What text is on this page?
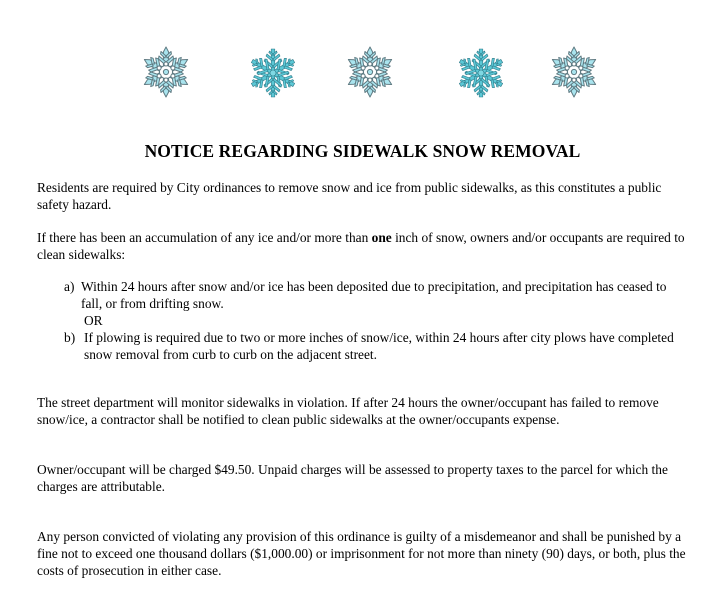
NOTICE REGARDING SIDEWALK SNOW REMOVAL

Residents are required by City ordinances to remove snow and ice from public sidewalks, as this constitutes a public safety hazard.

If there has been an accumulation of any ice and/or more than one inch of snow, owners and/or occupants are required to clean sidewalks:

a) Within 24 hours after snow and/or ice has been deposited due to precipitation, and precipitation has ceased to fall, or from drifting snow.
OR
b) If plowing is required due to two or more inches of snow/ice, within 24 hours after city plows have completed snow removal from curb to curb on the adjacent street.

The street department will monitor sidewalks in violation. If after 24 hours the owner/occupant has failed to remove snow/ice, a contractor shall be notified to clean public sidewalks at the owner/occupants expense.

Owner/occupant will be charged $49.50. Unpaid charges will be assessed to property taxes to the parcel for which the charges are attributable.

Any person convicted of violating any provision of this ordinance is guilty of a misdemeanor and shall be punished by a fine not to exceed one thousand dollars ($1,000.00) or imprisonment for not more than ninety (90) days, or both, plus the costs of prosecution in either case.
